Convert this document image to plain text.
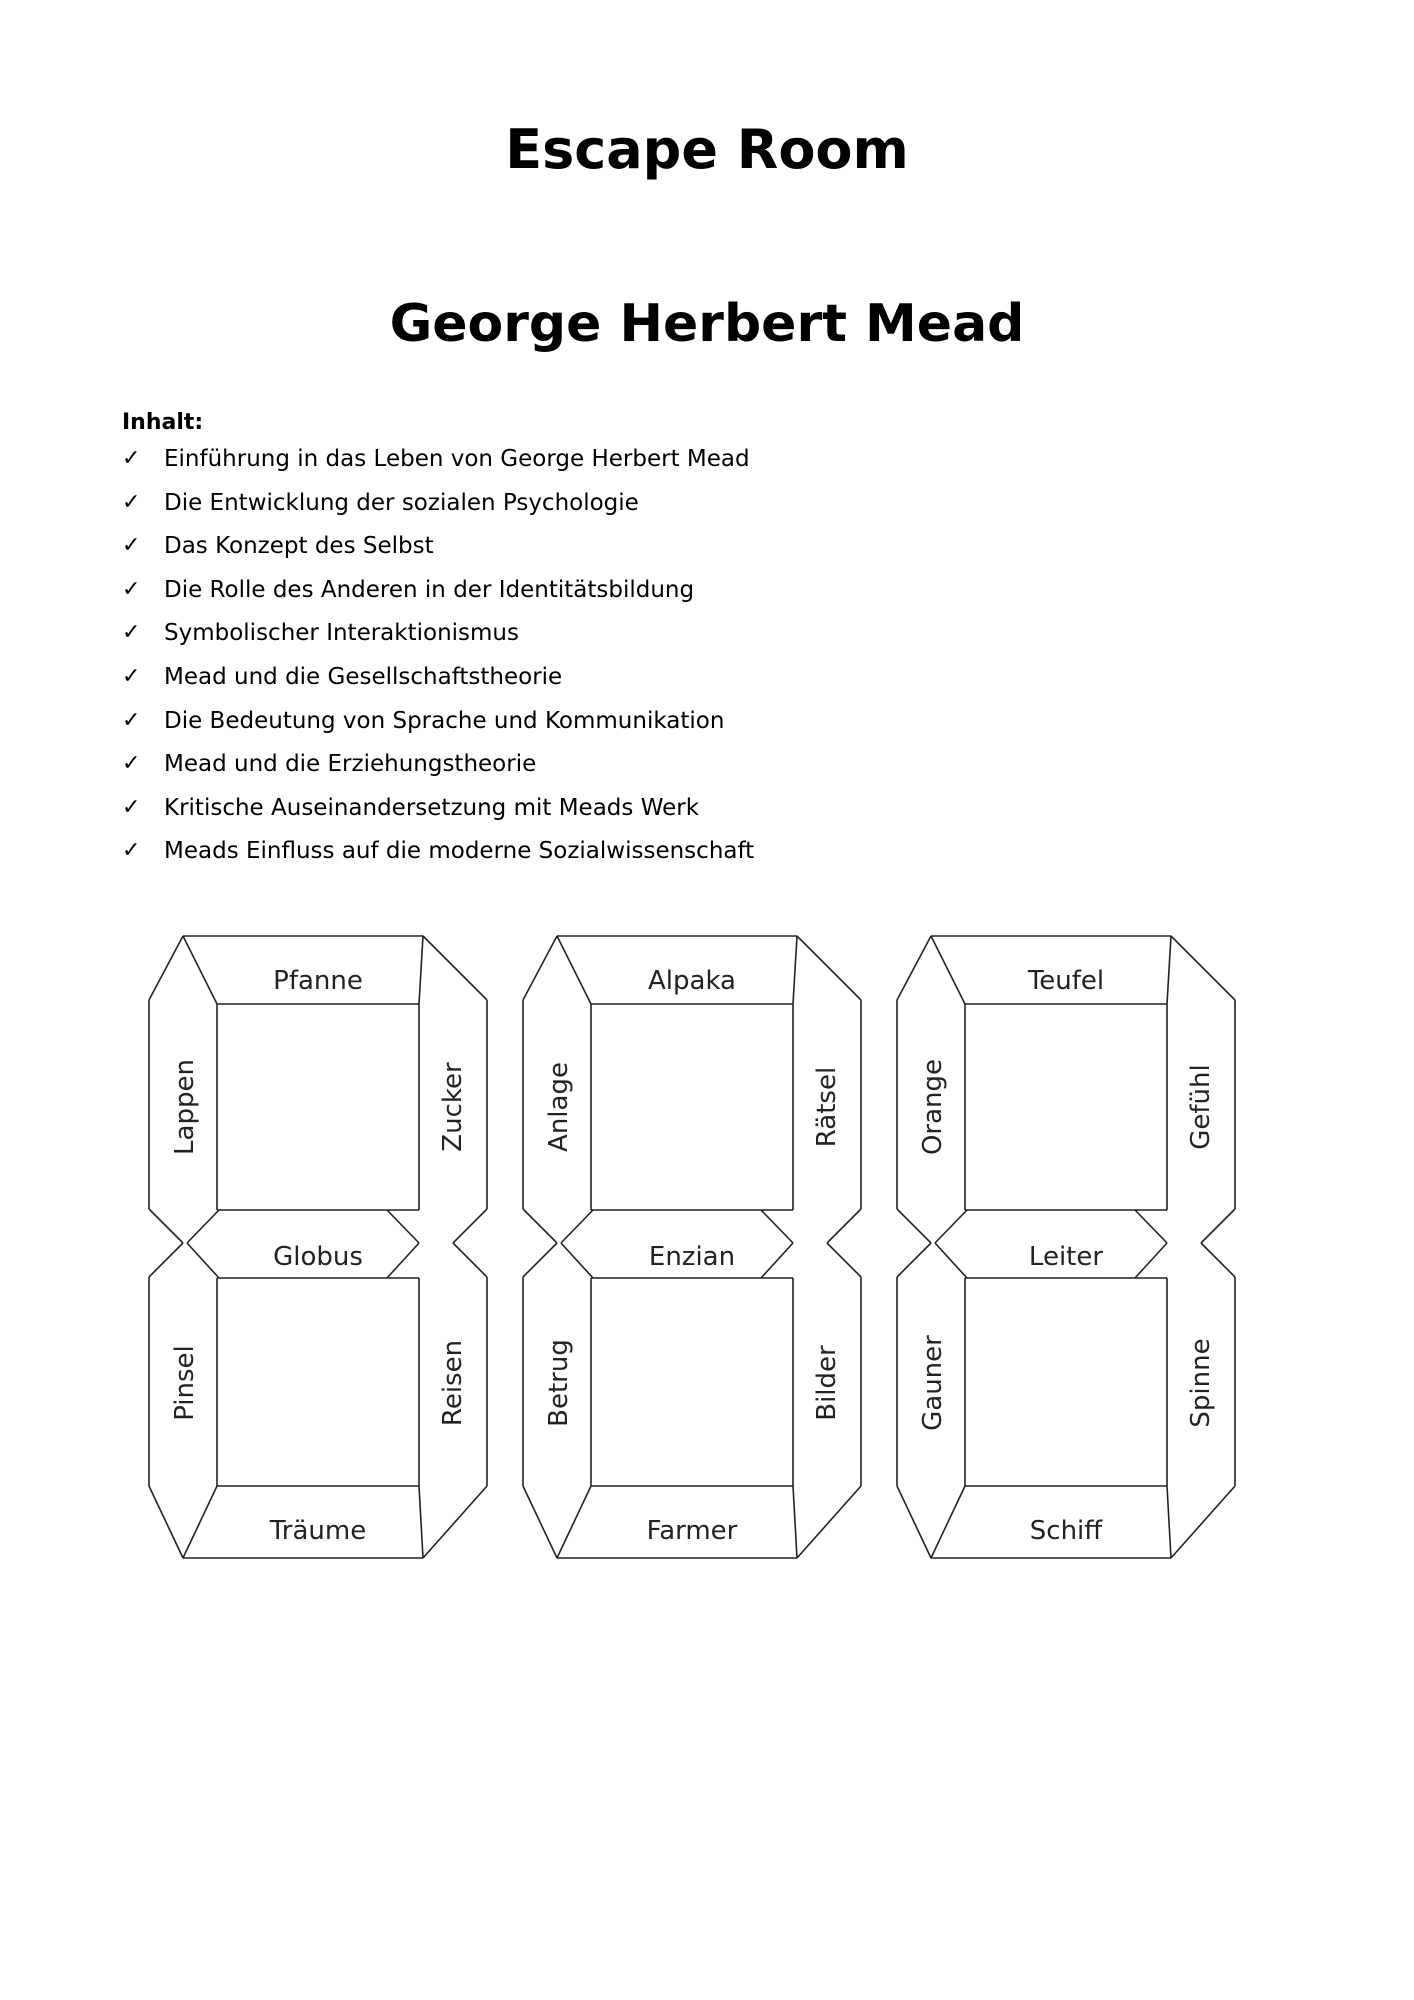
Escape Room
George Herbert Mead
Inhalt:
✓	Einführung in das Leben von George Herbert Mead
✓	Die Entwicklung der sozialen Psychologie
✓	Das Konzept des Selbst
✓	Die Rolle des Anderen in der Identitätsbildung
✓	Symbolischer Interaktionismus
✓	Mead und die Gesellschaftstheorie
✓	Die Bedeutung von Sprache und Kommunikation
✓	Mead und die Erziehungstheorie
✓	Kritische Auseinandersetzung mit Meads Werk
✓	Meads Einfluss auf die moderne Sozialwissenschaft
Pfanne
Lappen	Zucker
Globus
Pinsel	Reisen
Träume
Alpaka
Anlage	Rätsel
Enzian
Betrug	Bilder
Farmer
Teufel
Orange	Gefühl
Leiter
Gauner	Spinne
Schiff
